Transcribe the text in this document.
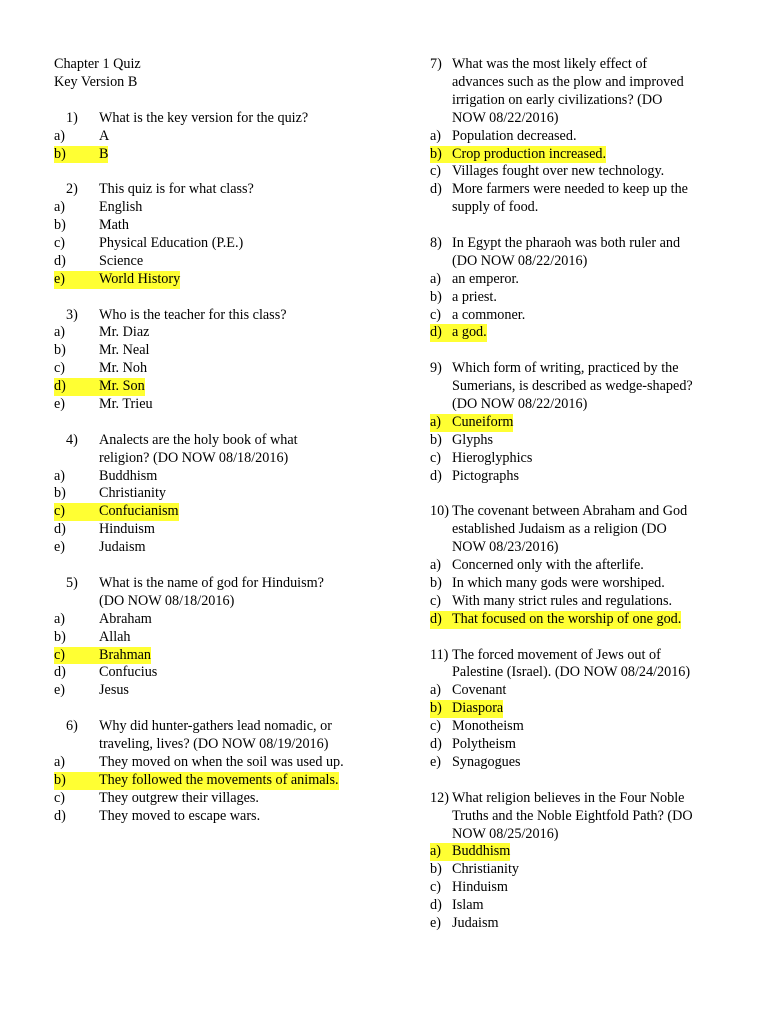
Chapter 1 Quiz
Key Version B
1)	What is the key version for the quiz?
a)	A
b)	B
2)	This quiz is for what class?
a)	English
b)	Math
c)	Physical Education (P.E.)
d)	Science
e)	World History
3)	Who is the teacher for this class?
a)	Mr. Diaz
b)	Mr. Neal
c)	Mr. Noh
d)	Mr. Son
e)	Mr. Trieu
4)	Analects are the holy book of what
religion? (DO NOW 08/18/2016)
a)	Buddhism
b)	Christianity
c)	Confucianism
d)	Hinduism
e)	Judaism
5)	What is the name of god for Hinduism?
(DO NOW 08/18/2016)
a)	Abraham
b)	Allah
c)	Brahman
d)	Confucius
e)	Jesus
6)	Why did hunter-gathers lead nomadic, or
traveling, lives? (DO NOW 08/19/2016)
a)	They moved on when the soil was used up.
b)	They followed the movements of animals.
c)	They outgrew their villages.
d)	They moved to escape wars.
7) What was the most likely effect of
advances such as the plow and improved
irrigation on early civilizations? (DO
NOW 08/22/2016)
a) Population decreased.
b) Crop production increased.
c) Villages fought over new technology.
d) More farmers were needed to keep up the
supply of food.
8) In Egypt the pharaoh was both ruler and
(DO NOW 08/22/2016)
a) an emperor.
b) a priest.
c) a commoner.
d) a god.
9) Which form of writing, practiced by the
Sumerians, is described as wedge-shaped?
(DO NOW 08/22/2016)
a) Cuneiform
b) Glyphs
c) Hieroglyphics
d) Pictographs
10) The covenant between Abraham and God
established Judaism as a religion (DO
NOW 08/23/2016)
a) Concerned only with the afterlife.
b) In which many gods were worshiped.
c) With many strict rules and regulations.
d) That focused on the worship of one god.
11) The forced movement of Jews out of
Palestine (Israel). (DO NOW 08/24/2016)
a) Covenant
b) Diaspora
c) Monotheism
d) Polytheism
e) Synagogues
12) What religion believes in the Four Noble
Truths and the Noble Eightfold Path? (DO
NOW 08/25/2016)
a) Buddhism
b) Christianity
c) Hinduism
d) Islam
e) Judaism
